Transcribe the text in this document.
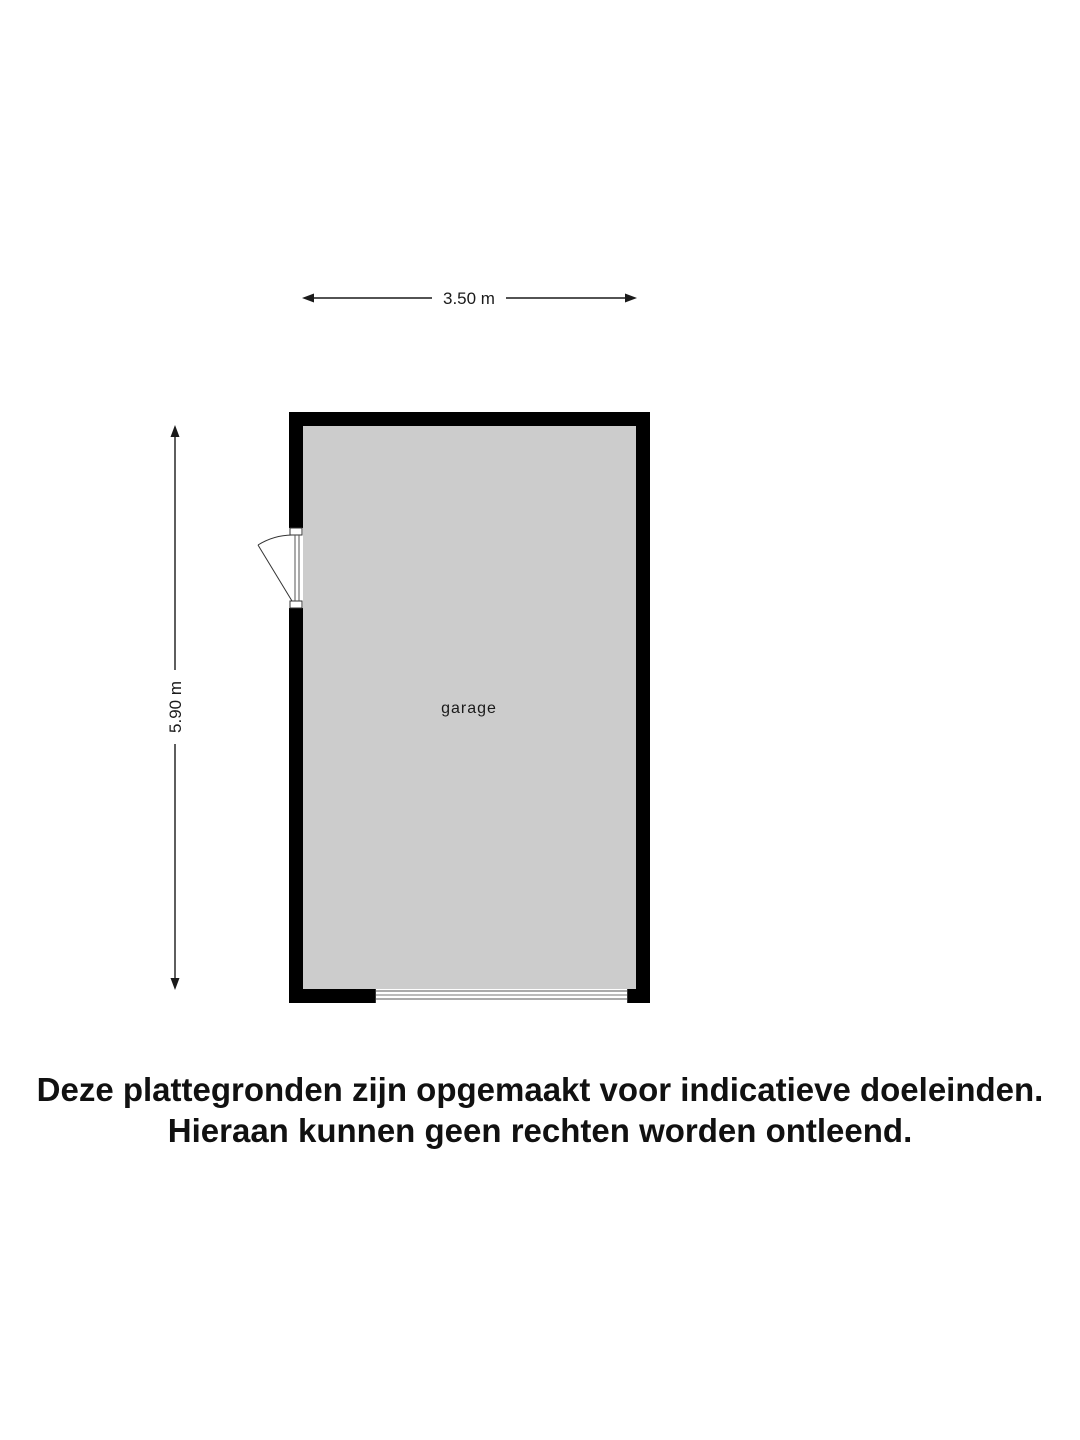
3.50 m
5.90 m	garage
Deze plattegronden zijn opgemaakt voor indicatieve doeleinden.
Hieraan kunnen geen rechten worden ontleend.
